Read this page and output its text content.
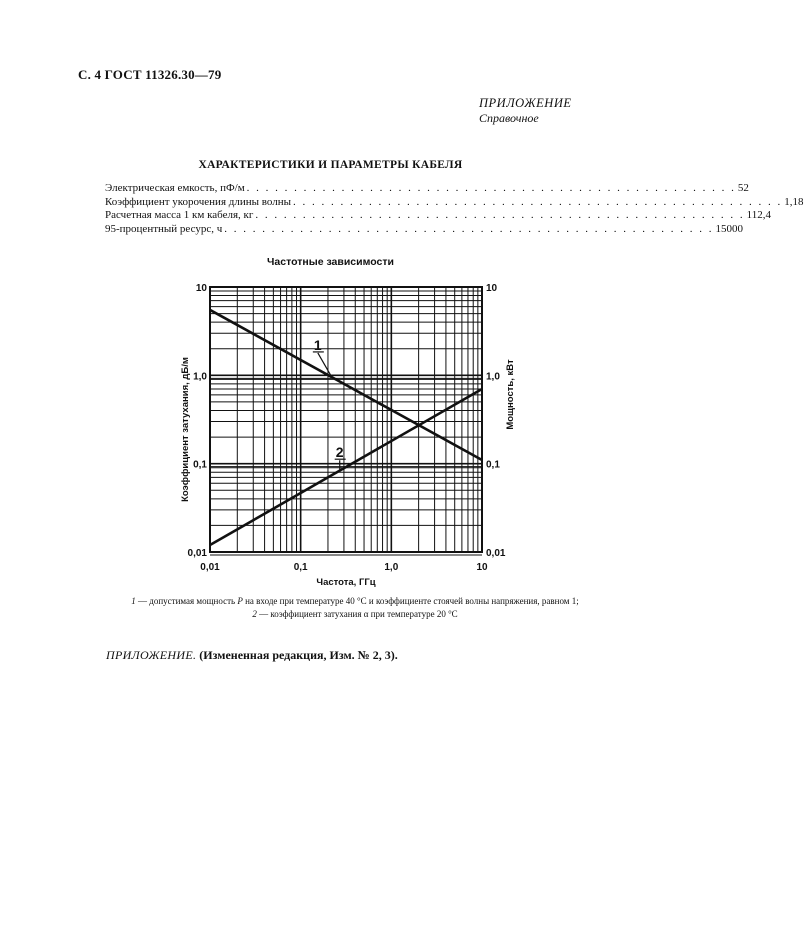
С. 4 ГОСТ 11326.30—79
ПРИЛОЖЕНИЕ
Справочное
ХАРАКТЕРИСТИКИ И ПАРАМЕТРЫ КАБЕЛЯ
Электрическая емкость, пФ/м . . . . . . . . . . . . . . . . . . . . . . . . . . . . . . . . . . . . . . . . . . . . . . . . . . . . 52
Коэффициент укорочения длины волны . . . . . . . . . . . . . . . . . . . . . . . . . . . . . . . . . . . . . . . . . . . . . . . . . . . . 1,18
Расчетная масса 1 км кабеля, кг . . . . . . . . . . . . . . . . . . . . . . . . . . . . . . . . . . . . . . . . . . . . . . . . . . . . 112,4
95-процентный ресурс, ч . . . . . . . . . . . . . . . . . . . . . . . . . . . . . . . . . . . . . . . . . . . . . . . . . . . . 15000
Частотные зависимости
1
2
0,01	0,1	1,0	10
0,01
0,1
1,0
10
0,01
0,1
1,0
10
Частота, ГГц
Коэффициент затухания, дБ/м	Мощность, кВт
1 — допустимая мощность P на входе при температуре 40 °С и коэффициенте стоячей волны напряжения, равном 1;
2 — коэффициент затухания α при температуре 20 °С
ПРИЛОЖЕНИЕ. (Измененная редакция, Изм. № 2, 3).
